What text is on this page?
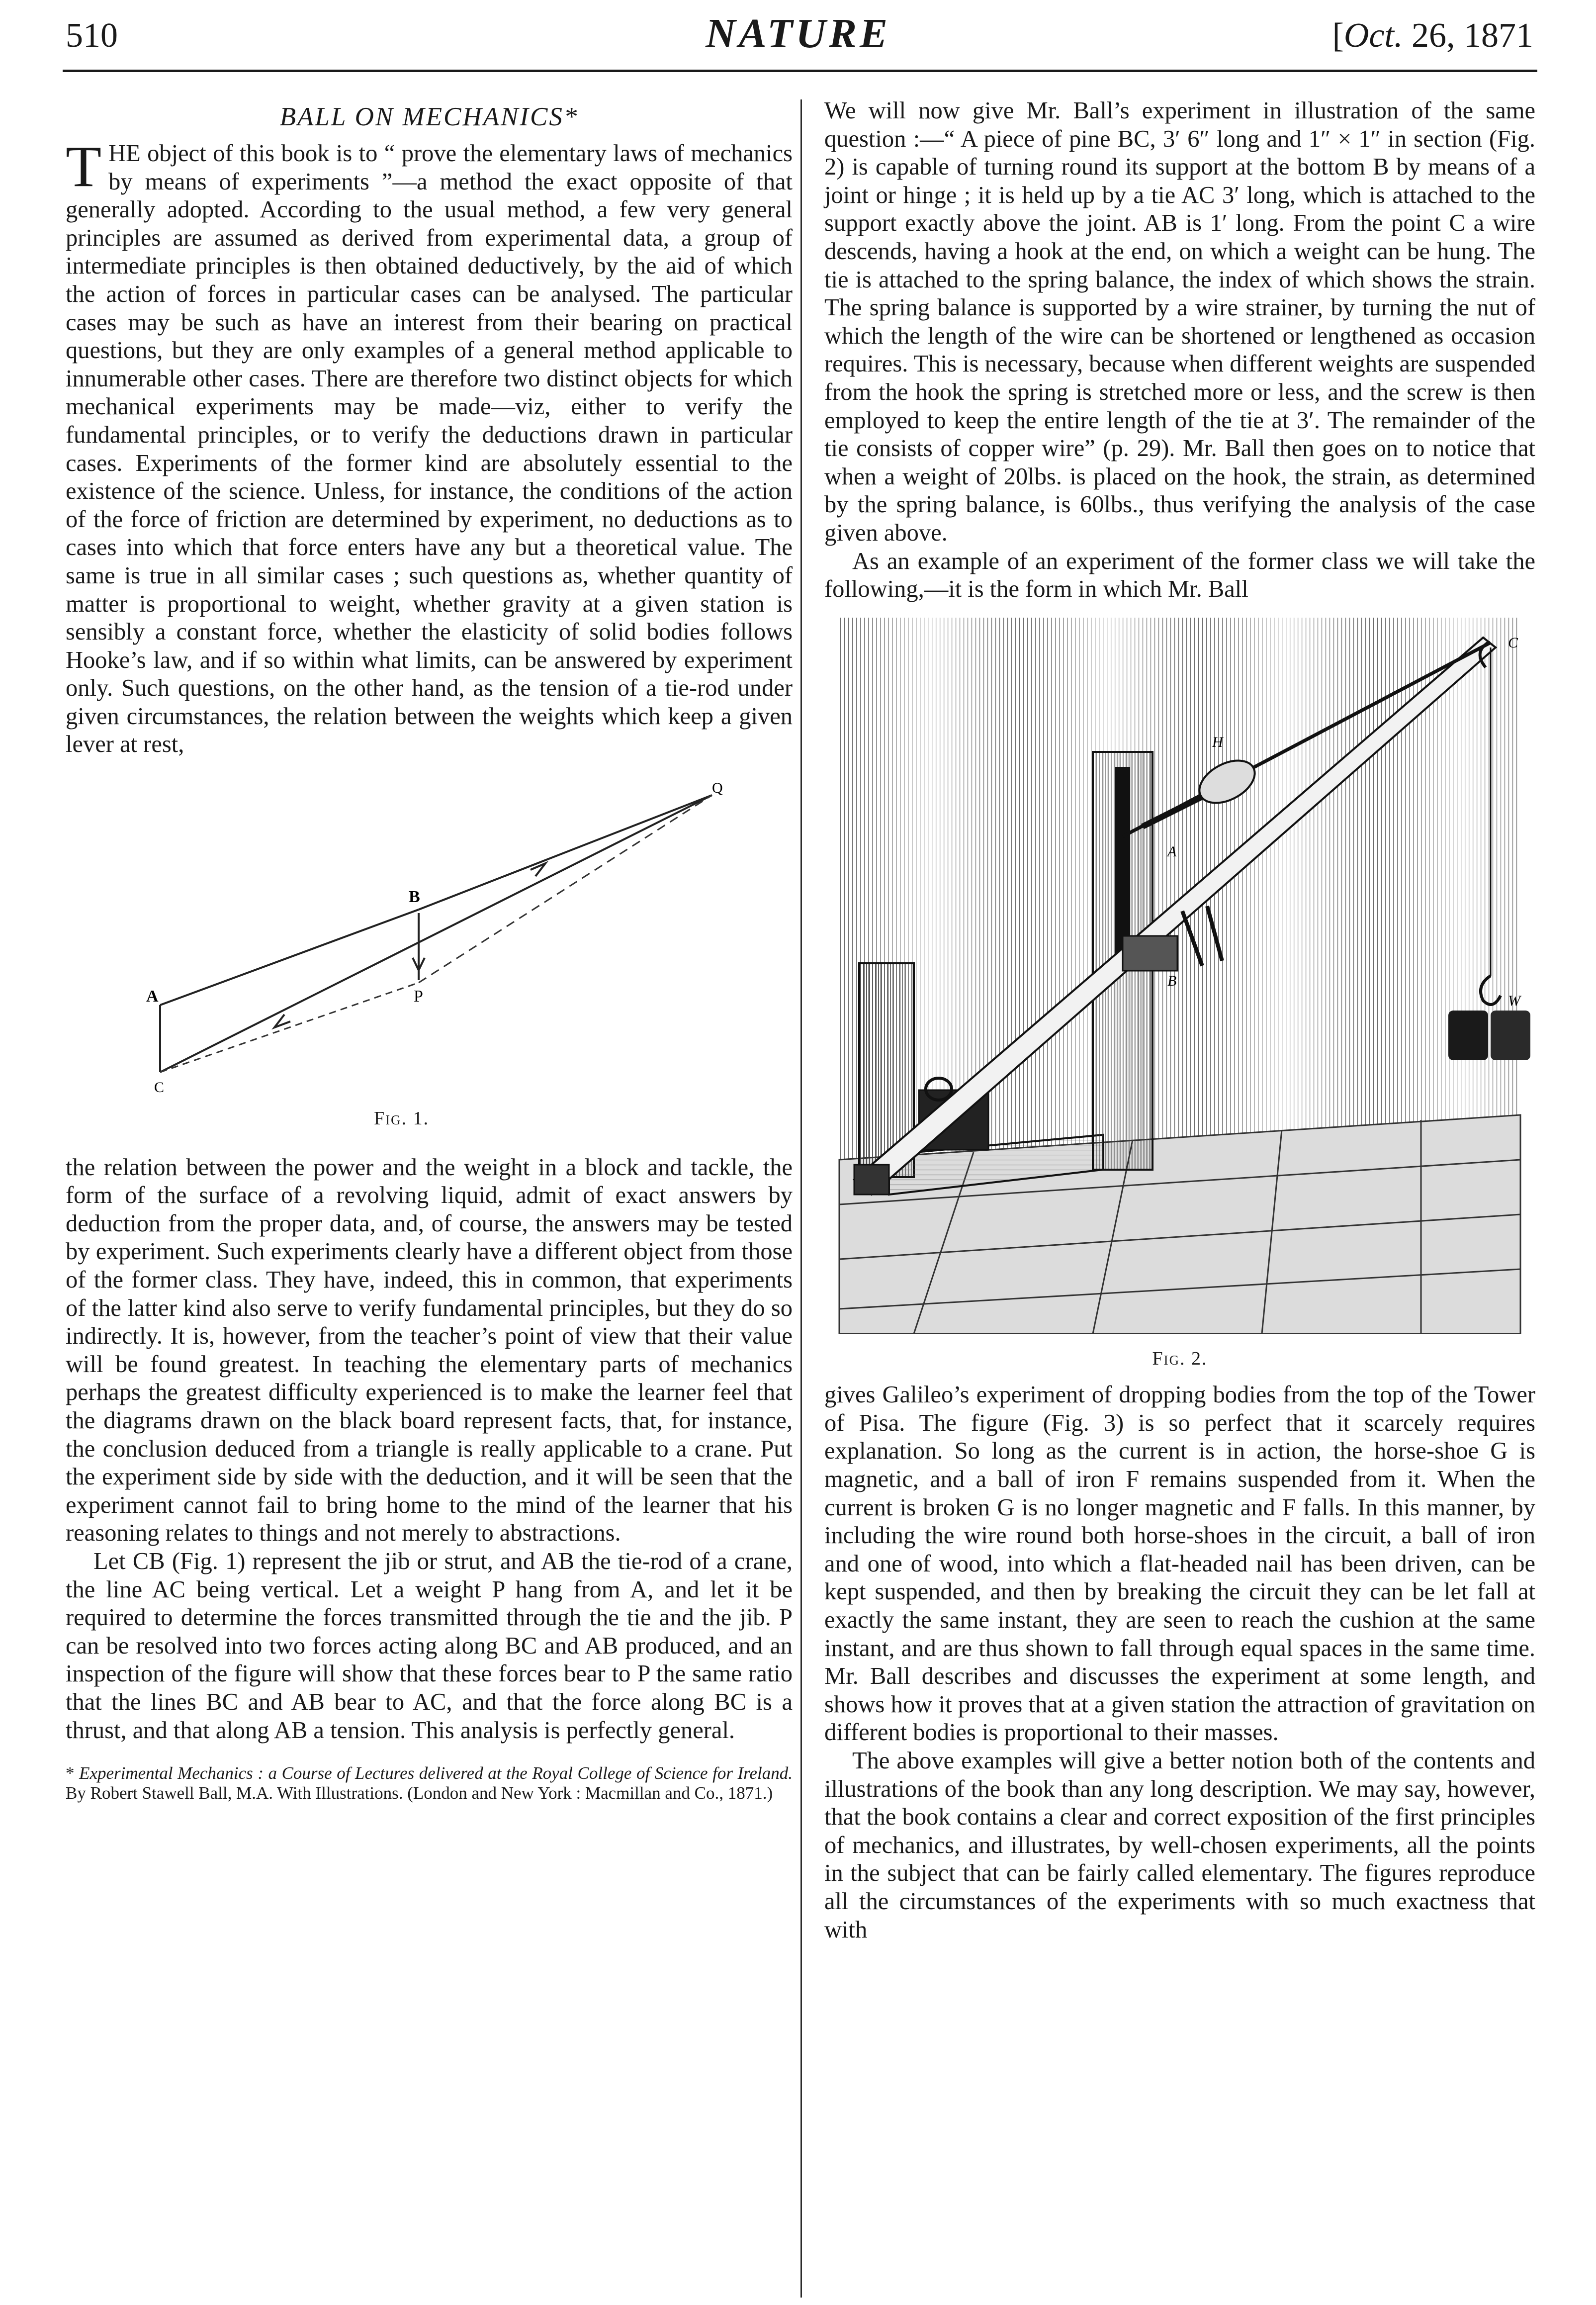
510	NATURE	[Oct. 26, 1871
BALL ON MECHANICS*

THE object of this book is to “ prove the elementary laws of mechanics by means of experiments ”—a method the exact opposite of that generally adopted. According to the usual method, a few very general principles are assumed as derived from experimental data, a group of intermediate principles is then obtained deductively, by the aid of which the action of forces in particular cases can be analysed. The particular cases may be such as have an interest from their bearing on practical questions, but they are only examples of a general method applicable to innumerable other cases. There are therefore two distinct objects for which mechanical experiments may be made—viz, either to verify the fundamental principles, or to verify the deductions drawn in particular cases. Experiments of the former kind are absolutely essential to the existence of the science. Unless, for instance, the conditions of the action of the force of friction are determined by experiment, no deductions as to cases into which that force enters have any but a theoretical value. The same is true in all similar cases ; such questions as, whether quantity of matter is proportional to weight, whether gravity at a given station is sensibly a constant force, whether the elasticity of solid bodies follows Hooke’s law, and if so within what limits, can be answered by experiment only. Such questions, on the other hand, as the tension of a tie-rod under given circumstances, the relation between the weights which keep a given lever at rest,

A
B
C
P
Q
Fig. 1.

the relation between the power and the weight in a block and tackle, the form of the surface of a revolving liquid, admit of exact answers by deduction from the proper data, and, of course, the answers may be tested by experiment. Such experiments clearly have a different object from those of the former class. They have, indeed, this in common, that experiments of the latter kind also serve to verify fundamental principles, but they do so indirectly. It is, however, from the teacher’s point of view that their value will be found greatest. In teaching the elementary parts of mechanics perhaps the greatest difficulty experienced is to make the learner feel that the diagrams drawn on the black board represent facts, that, for instance, the conclusion deduced from a triangle is really applicable to a crane. Put the experiment side by side with the deduction, and it will be seen that the experiment cannot fail to bring home to the mind of the learner that his reasoning relates to things and not merely to abstractions.

Let CB (Fig. 1) represent the jib or strut, and AB the tie-rod of a crane, the line AC being vertical. Let a weight P hang from A, and let it be required to determine the forces transmitted through the tie and the jib. P can be resolved into two forces acting along BC and AB produced, and an inspection of the figure will show that these forces bear to P the same ratio that the lines BC and AB bear to AC, and that the force along BC is a thrust, and that along AB a tension. This analysis is perfectly general.

* Experimental Mechanics : a Course of Lectures delivered at the Royal College of Science for Ireland. By Robert Stawell Ball, M.A. With Illustrations. (London and New York : Macmillan and Co., 1871.)

We will now give Mr. Ball’s experiment in illustration of the same question :—“ A piece of pine BC, 3′ 6″ long and 1″ × 1″ in section (Fig. 2) is capable of turning round its support at the bottom B by means of a joint or hinge ; it is held up by a tie AC 3′ long, which is attached to the support exactly above the joint. AB is 1′ long. From the point C a wire descends, having a hook at the end, on which a weight can be hung. The tie is attached to the spring balance, the index of which shows the strain. The spring balance is supported by a wire strainer, by turning the nut of which the length of the wire can be shortened or lengthened as occasion requires. This is necessary, because when different weights are suspended from the hook the spring is stretched more or less, and the screw is then employed to keep the entire length of the tie at 3′. The remainder of the tie consists of copper wire” (p. 29). Mr. Ball then goes on to notice that when a weight of 20lbs. is placed on the hook, the strain, as determined by the spring balance, is 60lbs., thus verifying the analysis of the case given above.

As an example of an experiment of the former class we will take the following,—it is the form in which Mr. Ball

A
B
C
H
W
Fig. 2.

gives Galileo’s experiment of dropping bodies from the top of the Tower of Pisa. The figure (Fig. 3) is so perfect that it scarcely requires explanation. So long as the current is in action, the horse-shoe G is magnetic, and a ball of iron F remains suspended from it. When the current is broken G is no longer magnetic and F falls. In this manner, by including the wire round both horse-shoes in the circuit, a ball of iron and one of wood, into which a flat-headed nail has been driven, can be kept suspended, and then by breaking the circuit they can be let fall at exactly the same instant, they are seen to reach the cushion at the same instant, and are thus shown to fall through equal spaces in the same time. Mr. Ball describes and discusses the experiment at some length, and shows how it proves that at a given station the attraction of gravitation on different bodies is proportional to their masses.

The above examples will give a better notion both of the contents and illustrations of the book than any long description. We may say, however, that the book contains a clear and correct exposition of the first principles of mechanics, and illustrates, by well-chosen experiments, all the points in the subject that can be fairly called elementary. The figures reproduce all the circumstances of the experiments with so much exactness that with
